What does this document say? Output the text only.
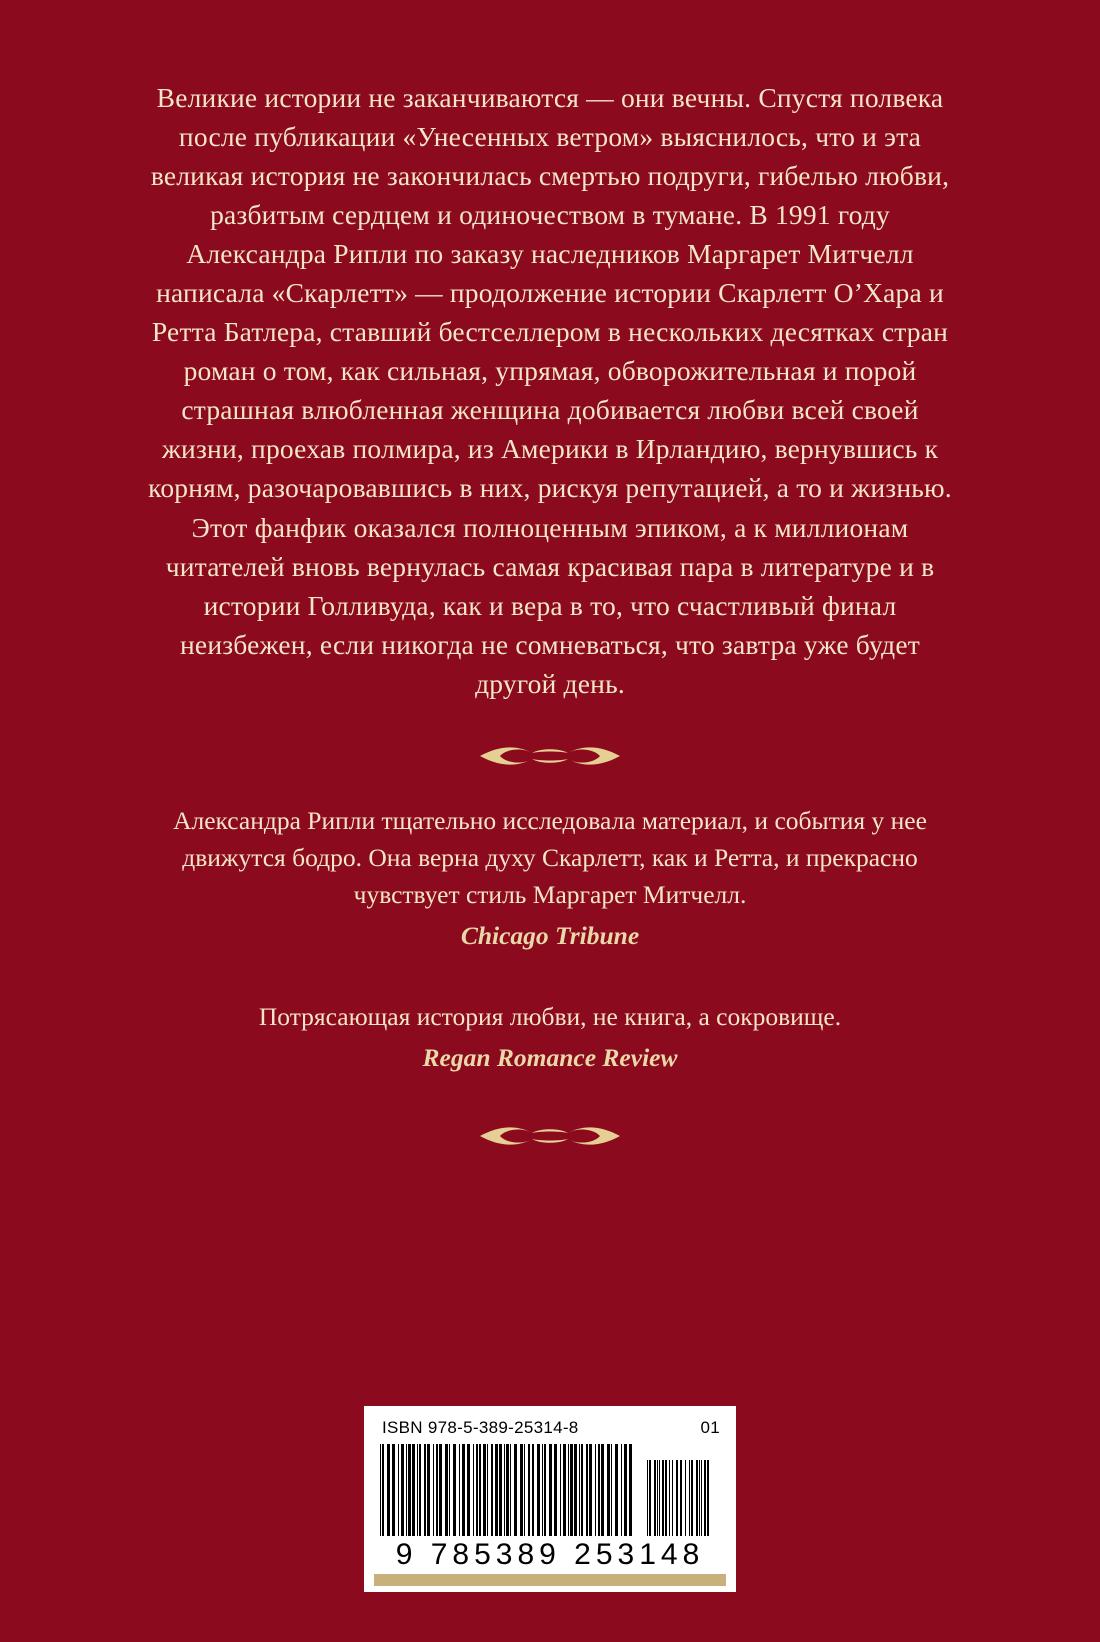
Великие истории не заканчиваются — они вечны. Спустя полвека после публикации «Унесенных ветром» выяснилось, что и эта великая история не закончилась смертью подруги, гибелью любви, разбитым сердцем и одиночеством в тумане. В 1991 году Александра Рипли по заказу наследников Маргарет Митчелл написала «Скарлетт» — продолжение истории Скарлетт О’Хара и Ретта Батлера, ставший бестселлером в нескольких десятках стран роман о том, как сильная, упрямая, обворожительная и порой страшная влюбленная женщина добивается любви всей своей жизни, проехав полмира, из Америки в Ирландию, вернувшись к корням, разочаровавшись в них, рискуя репутацией, а то и жизнью. Этот фанфик оказался полноценным эпиком, а к миллионам читателей вновь вернулась самая красивая пара в литературе и в истории Голливуда, как и вера в то, что счастливый финал неизбежен, если никогда не сомневаться, что завтра уже будет другой день.

Александра Рипли тщательно исследовала материал, и события у нее движутся бодро. Она верна духу Скарлетт, как и Ретта, и прекрасно чувствует стиль Маргарет Митчелл.

Chicago Tribune

Потрясающая история любви, не книга, а сокровище.

Regan Romance Review
ISBN 978-5-389-25314-8	01
9 785389 253148
